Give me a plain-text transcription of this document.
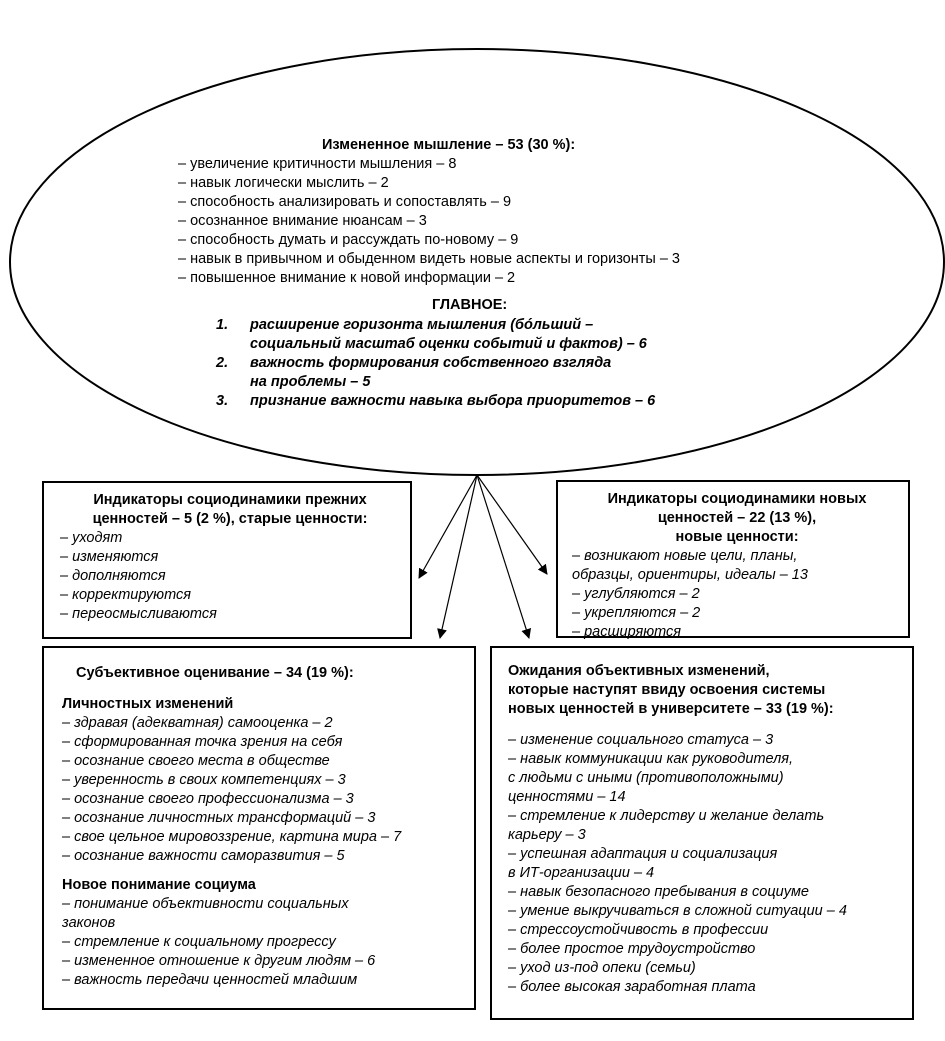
Измененное мышление – 53 (30 %):
– увеличение критичности мышления – 8
– навык логически мыслить – 2
– способность анализировать и сопоставлять – 9
– осознанное внимание нюансам – 3
– способность думать и рассуждать по-новому – 9
– навык в привычном и обыденном видеть новые аспекты и горизонты – 3
– повышенное внимание к новой информации – 2
ГЛАВНОЕ:
1. расширение горизонта мышления (бóльший –
социальный масштаб оценки событий и фактов) – 6
2. важность формирования собственного взгляда
на проблемы – 5
3. признание важности навыка выбора приоритетов – 6
Индикаторы социодинамики прежних
ценностей – 5 (2 %), старые ценности:
– уходят
– изменяются
– дополняются
– корректируются
– переосмысливаются
Индикаторы социодинамики новых
ценностей – 22 (13 %),
новые ценности:
– возникают новые цели, планы,
образцы, ориентиры, идеалы – 13
– углубляются – 2
– укрепляются – 2
– расширяются
Субъективное оценивание – 34 (19 %):
Личностных изменений
– здравая (адекватная) самооценка – 2
– сформированная точка зрения на себя
– осознание своего места в обществе
– уверенность в своих компетенциях – 3
– осознание своего профессионализма – 3
– осознание личностных трансформаций – 3
– свое цельное мировоззрение, картина мира – 7
– осознание важности саморазвития – 5
Новое понимание социума
– понимание объективности социальных
законов
– стремление к социальному прогрессу
– измененное отношение к другим людям – 6
– важность передачи ценностей младшим
Ожидания объективных изменений,
которые наступят ввиду освоения системы
новых ценностей в университете – 33 (19 %):
– изменение социального статуса – 3
– навык коммуникации как руководителя,
с людьми с иными (противоположными)
ценностями – 14
– стремление к лидерству и желание делать
карьеру – 3
– успешная адаптация и социализация
в ИТ-организации – 4
– навык безопасного пребывания в социуме
– умение выкручиваться в сложной ситуации – 4
– стрессоустойчивость в профессии
– более простое трудоустройство
– уход из-под опеки (семьи)
– более высокая заработная плата
